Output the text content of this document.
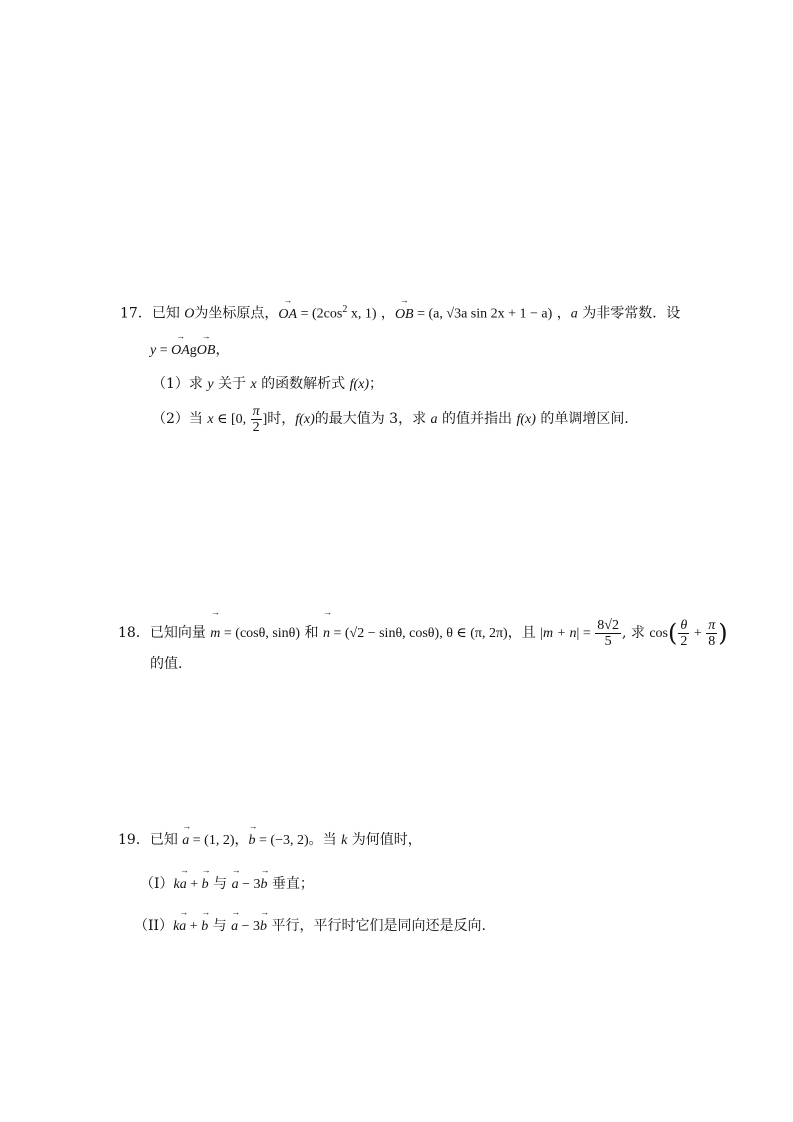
17．已知 O为坐标原点，
→
OA = ($2\cos^2$ x, 1) ，
→
OB = (a, √3a sin 2x + 1 − a) ，a 为非零常数．设
y =
→
OAg
→
OB，
（1）求 y 关于 x 的函数解析式 f(x)；
（2）当 x ∈ [0, $\frac{\pi}{2}$ ]时，f(x)的最大值为 3，求 a 的值并指出 f(x) 的单调增区间．
18．已知向量
→
m = (cosθ, sinθ) 和
→
n = (√2 − sinθ, cosθ), θ ∈ (π, 2π)，且 $|m + n| = \frac{8√2}{5}$ , 求 $\cos( \frac{\theta}{2} + \frac{\pi}{8}$ )
的值.
19．已知
→
a = (1, 2)，
→
b = (−3, 2)。当 k 为何值时，
（I）k
→
a +
→
b 与
→
a − 3
→
b 垂直；
（II）k
→
a +
→
b 与
→
a − 3
→
b 平行，平行时它们是同向还是反向.
